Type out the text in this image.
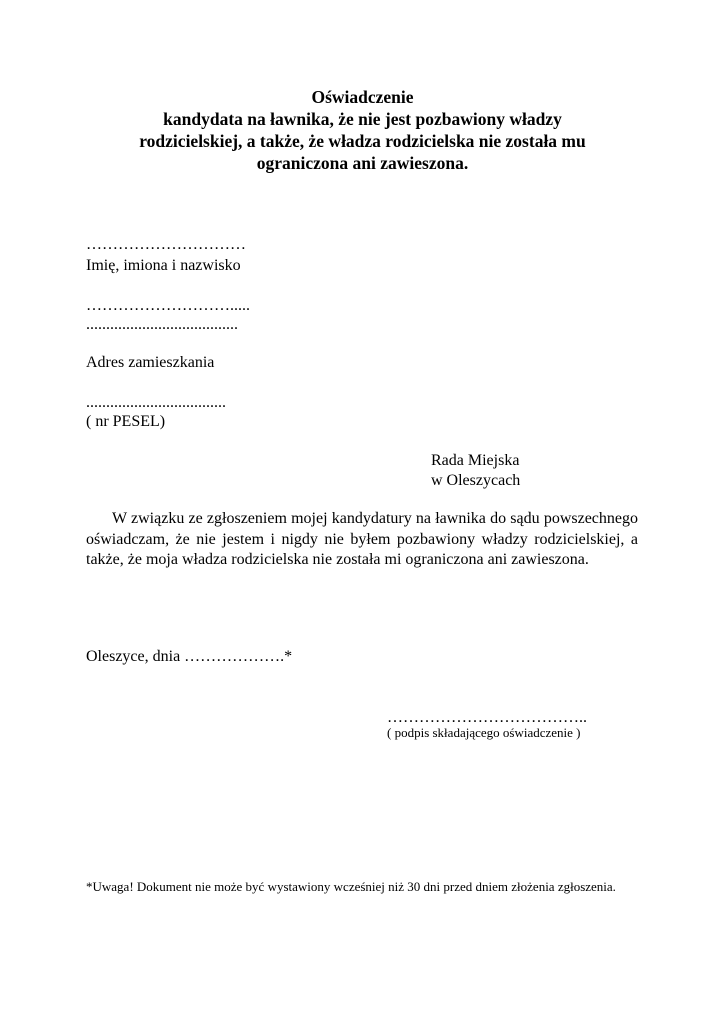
Oświadczenie
kandydata na ławnika, że nie jest pozbawiony władzy
rodzicielskiej, a także, że władza rodzicielska nie została mu
ograniczona ani zawieszona.
…………………………
Imię, imiona i nazwisko
……………………….....
......................................
Adres zamieszkania
...................................
( nr PESEL)
Rada Miejska
w Oleszycach
W związku ze zgłoszeniem mojej kandydatury na ławnika do sądu powszechnego oświadczam, że nie jestem i nigdy nie byłem pozbawiony władzy rodzicielskiej, a także, że moja władza rodzicielska nie została mi ograniczona ani zawieszona.
Oleszyce, dnia ……………….*
………………………………..
( podpis składającego oświadczenie )
*Uwaga! Dokument nie może być wystawiony wcześniej niż 30 dni przed dniem złożenia zgłoszenia.
